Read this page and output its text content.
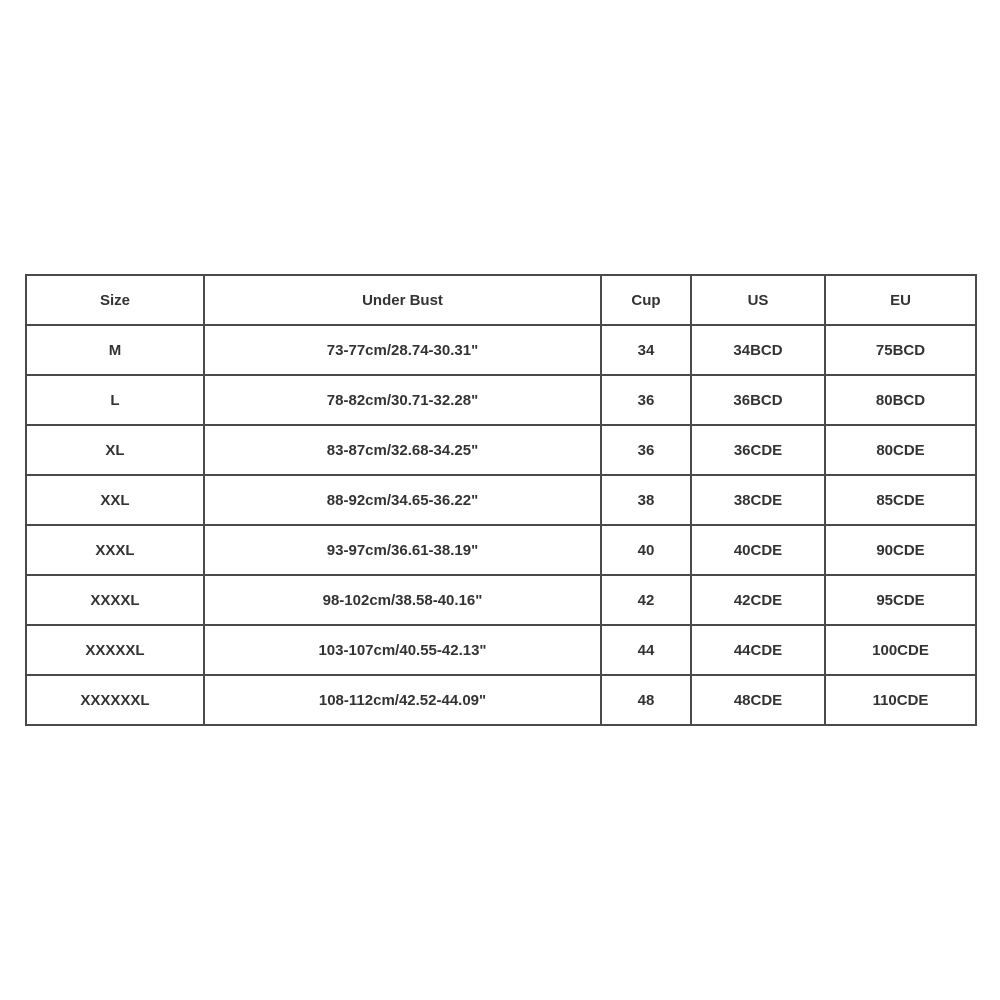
Size	Under Bust	Cup	US	EU
M	73-77cm/28.74-30.31"	34	34BCD	75BCD
L	78-82cm/30.71-32.28"	36	36BCD	80BCD
XL	83-87cm/32.68-34.25"	36	36CDE	80CDE
XXL	88-92cm/34.65-36.22"	38	38CDE	85CDE
XXXL	93-97cm/36.61-38.19"	40	40CDE	90CDE
XXXXL	98-102cm/38.58-40.16"	42	42CDE	95CDE
XXXXXL	103-107cm/40.55-42.13"	44	44CDE	100CDE
XXXXXXL	108-112cm/42.52-44.09"	48	48CDE	110CDE
